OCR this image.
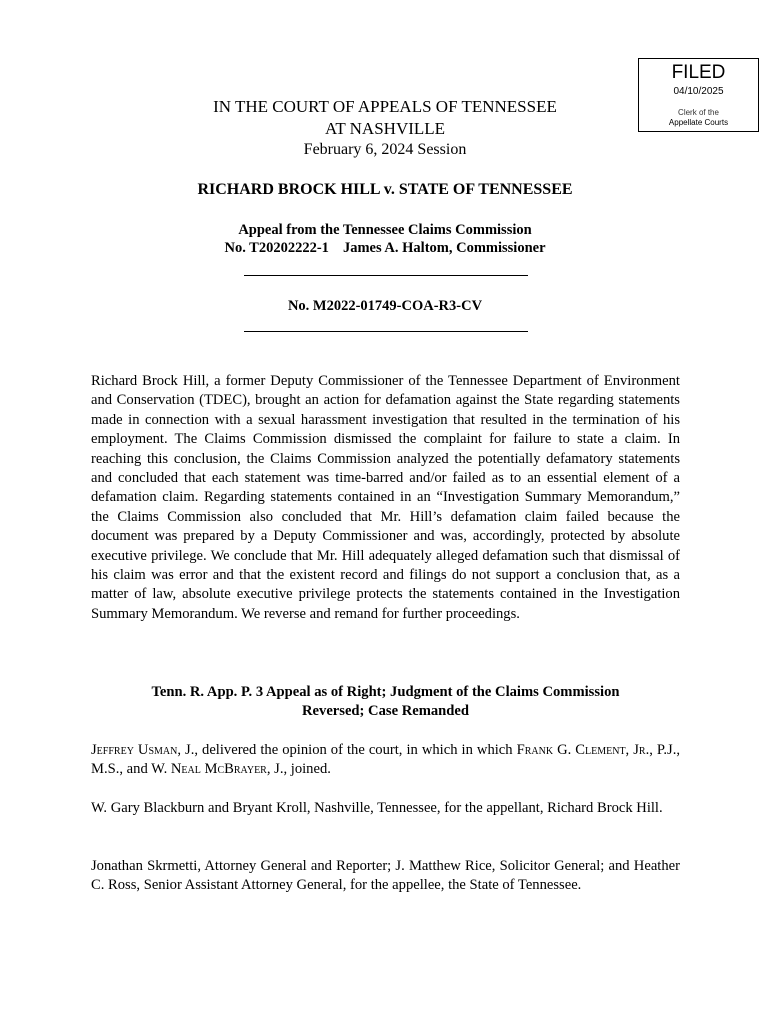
FILED
04/10/2025
Clerk of the
Appellate Courts
IN THE COURT OF APPEALS OF TENNESSEE
AT NASHVILLE
February 6, 2024 Session
RICHARD BROCK HILL v. STATE OF TENNESSEE
Appeal from the Tennessee Claims Commission
No. T20202222-1 James A. Haltom, Commissioner
No. M2022-01749-COA-R3-CV
Richard Brock Hill, a former Deputy Commissioner of the Tennessee Department of Environment and Conservation (TDEC), brought an action for defamation against the State regarding statements made in connection with a sexual harassment investigation that resulted in the termination of his employment. The Claims Commission dismissed the complaint for failure to state a claim. In reaching this conclusion, the Claims Commission analyzed the potentially defamatory statements and concluded that each statement was time-barred and/or failed as to an essential element of a defamation claim. Regarding statements contained in an “Investigation Summary Memorandum,” the Claims Commission also concluded that Mr. Hill’s defamation claim failed because the document was prepared by a Deputy Commissioner and was, accordingly, protected by absolute executive privilege. We conclude that Mr. Hill adequately alleged defamation such that dismissal of his claim was error and that the existent record and filings do not support a conclusion that, as a matter of law, absolute executive privilege protects the statements contained in the Investigation Summary Memorandum. We reverse and remand for further proceedings.
Tenn. R. App. P. 3 Appeal as of Right; Judgment of the Claims Commission
Reversed; Case Remanded
Jeffrey Usman, J., delivered the opinion of the court, in which in which Frank G. Clement, Jr., P.J., M.S., and W. Neal McBrayer, J., joined.
W. Gary Blackburn and Bryant Kroll, Nashville, Tennessee, for the appellant, Richard Brock Hill.
Jonathan Skrmetti, Attorney General and Reporter; J. Matthew Rice, Solicitor General; and Heather C. Ross, Senior Assistant Attorney General, for the appellee, the State of Tennessee.
